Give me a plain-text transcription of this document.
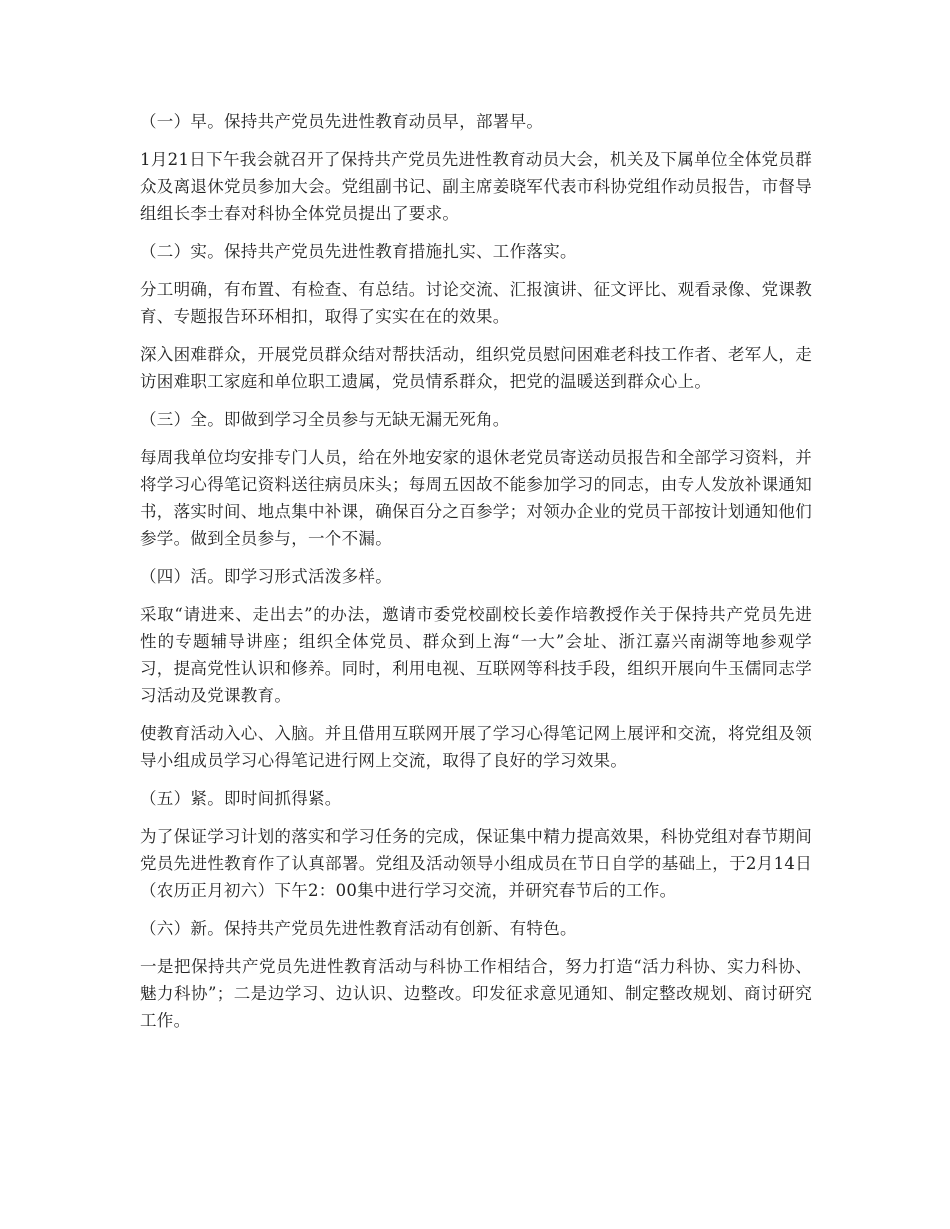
（一）早。保持共产党员先进性教育动员早，部署早。

1月21日下午我会就召开了保持共产党员先进性教育动员大会，机关及下属单位全体党员群众及离退休党员参加大会。党组副书记、副主席姜晓军代表市科协党组作动员报告，市督导组组长李士春对科协全体党员提出了要求。

（二）实。保持共产党员先进性教育措施扎实、工作落实。

分工明确，有布置、有检查、有总结。讨论交流、汇报演讲、征文评比、观看录像、党课教育、专题报告环环相扣，取得了实实在在的效果。

深入困难群众，开展党员群众结对帮扶活动，组织党员慰问困难老科技工作者、老军人，走访困难职工家庭和单位职工遗属，党员情系群众，把党的温暖送到群众心上。

（三）全。即做到学习全员参与无缺无漏无死角。

每周我单位均安排专门人员，给在外地安家的退休老党员寄送动员报告和全部学习资料，并将学习心得笔记资料送往病员床头；每周五因故不能参加学习的同志，由专人发放补课通知书，落实时间、地点集中补课，确保百分之百参学；对领办企业的党员干部按计划通知他们参学。做到全员参与，一个不漏。

（四）活。即学习形式活泼多样。

采取“请进来、走出去”的办法，邀请市委党校副校长姜作培教授作关于保持共产党员先进性的专题辅导讲座；组织全体党员、群众到上海“一大”会址、浙江嘉兴南湖等地参观学习，提高党性认识和修养。同时，利用电视、互联网等科技手段，组织开展向牛玉儒同志学习活动及党课教育。

使教育活动入心、入脑。并且借用互联网开展了学习心得笔记网上展评和交流，将党组及领导小组成员学习心得笔记进行网上交流，取得了良好的学习效果。

（五）紧。即时间抓得紧。

为了保证学习计划的落实和学习任务的完成，保证集中精力提高效果，科协党组对春节期间党员先进性教育作了认真部署。党组及活动领导小组成员在节日自学的基础上，于2月14日（农历正月初六）下午2：00集中进行学习交流，并研究春节后的工作。

（六）新。保持共产党员先进性教育活动有创新、有特色。

一是把保持共产党员先进性教育活动与科协工作相结合，努力打造“活力科协、实力科协、魅力科协”；二是边学习、边认识、边整改。印发征求意见通知、制定整改规划、商讨研究工作。
